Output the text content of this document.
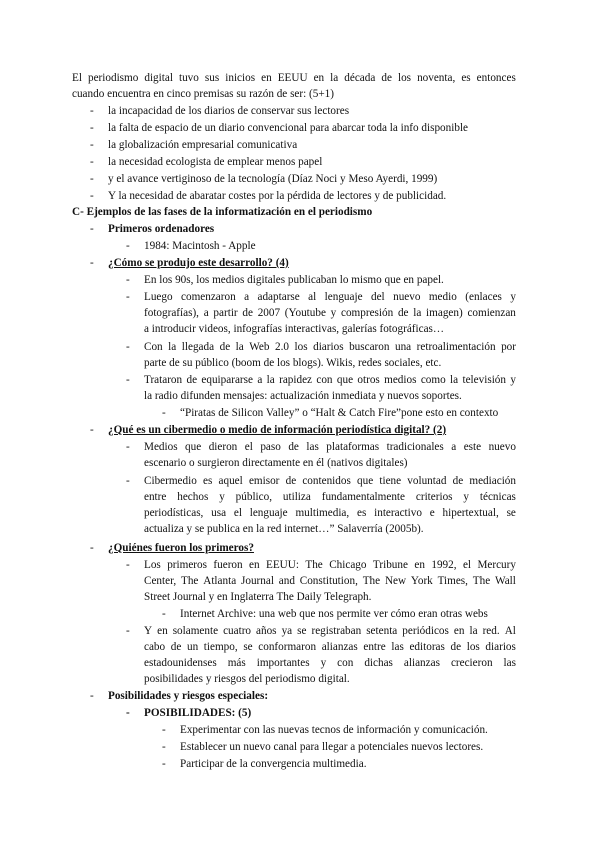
El periodismo digital tuvo sus inicios en EEUU en la década de los noventa, es entonces
cuando encuentra en cinco premisas su razón de ser: (5+1)
- la incapacidad de los diarios de conservar sus lectores
- la falta de espacio de un diario convencional para abarcar toda la info disponible
- la globalización empresarial comunicativa
- la necesidad ecologista de emplear menos papel
- y el avance vertiginoso de la tecnología (Díaz Noci y Meso Ayerdi, 1999)
- Y la necesidad de abaratar costes por la pérdida de lectores y de publicidad.
C- Ejemplos de las fases de la informatización en el periodismo
- Primeros ordenadores
- 1984: Macintosh - Apple
- ¿Cómo se produjo este desarrollo? (4)
- En los 90s, los medios digitales publicaban lo mismo que en papel.
- Luego comenzaron a adaptarse al lenguaje del nuevo medio (enlaces y
fotografías), a partir de 2007 (Youtube y compresión de la imagen) comienzan
a introducir videos, infografías interactivas, galerías fotográficas…
- Con la llegada de la Web 2.0 los diarios buscaron una retroalimentación por
parte de su público (boom de los blogs). Wikis, redes sociales, etc.
- Trataron de equipararse a la rapidez con que otros medios como la televisión y
la radio difunden mensajes: actualización inmediata y nuevos soportes.
- “Piratas de Silicon Valley” o “Halt & Catch Fire”pone esto en contexto
- ¿Qué es un cibermedio o medio de información periodística digital? (2)
- Medios que dieron el paso de las plataformas tradicionales a este nuevo
escenario o surgieron directamente en él (nativos digitales)
- Cibermedio es aquel emisor de contenidos que tiene voluntad de mediación
entre hechos y público, utiliza fundamentalmente criterios y técnicas
periodísticas, usa el lenguaje multimedia, es interactivo e hipertextual, se
actualiza y se publica en la red internet…” Salaverría (2005b).
- ¿Quiénes fueron los primeros?
- Los primeros fueron en EEUU: The Chicago Tribune en 1992, el Mercury
Center, The Atlanta Journal and Constitution, The New York Times, The Wall
Street Journal y en Inglaterra The Daily Telegraph.
- Internet Archive: una web que nos permite ver cómo eran otras webs
- Y en solamente cuatro años ya se registraban setenta periódicos en la red. Al
cabo de un tiempo, se conformaron alianzas entre las editoras de los diarios
estadounidenses más importantes y con dichas alianzas crecieron las
posibilidades y riesgos del periodismo digital.
- Posibilidades y riesgos especiales:
- POSIBILIDADES: (5)
- Experimentar con las nuevas tecnos de información y comunicación.
- Establecer un nuevo canal para llegar a potenciales nuevos lectores.
- Participar de la convergencia multimedia.
